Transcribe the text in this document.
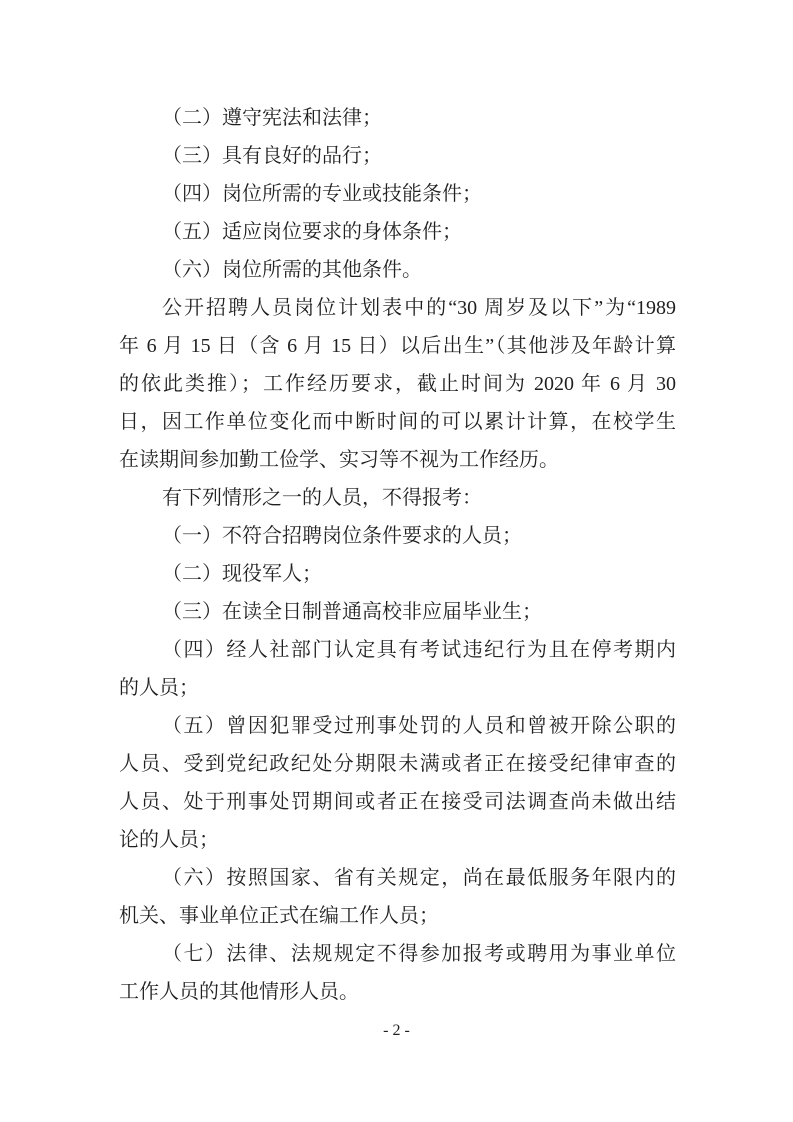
（二）遵守宪法和法律；
（三）具有良好的品行；
（四）岗位所需的专业或技能条件；
（五）适应岗位要求的身体条件；
（六）岗位所需的其他条件。
公开招聘人员岗位计划表中的“30 周岁及以下”为“1989
年 6 月 15 日（含 6 月 15 日）以后出生”（其他涉及年龄计算
的依此类推）；工作经历要求，截止时间为 2020 年 6 月 30
日，因工作单位变化而中断时间的可以累计计算，在校学生
在读期间参加勤工俭学、实习等不视为工作经历。
有下列情形之一的人员，不得报考：
（一）不符合招聘岗位条件要求的人员；
（二）现役军人；
（三）在读全日制普通高校非应届毕业生；
（四）经人社部门认定具有考试违纪行为且在停考期内
的人员；
（五）曾因犯罪受过刑事处罚的人员和曾被开除公职的
人员、受到党纪政纪处分期限未满或者正在接受纪律审查的
人员、处于刑事处罚期间或者正在接受司法调查尚未做出结
论的人员；
（六）按照国家、省有关规定，尚在最低服务年限内的
机关、事业单位正式在编工作人员；
（七）法律、法规规定不得参加报考或聘用为事业单位
工作人员的其他情形人员。
- 2 -
